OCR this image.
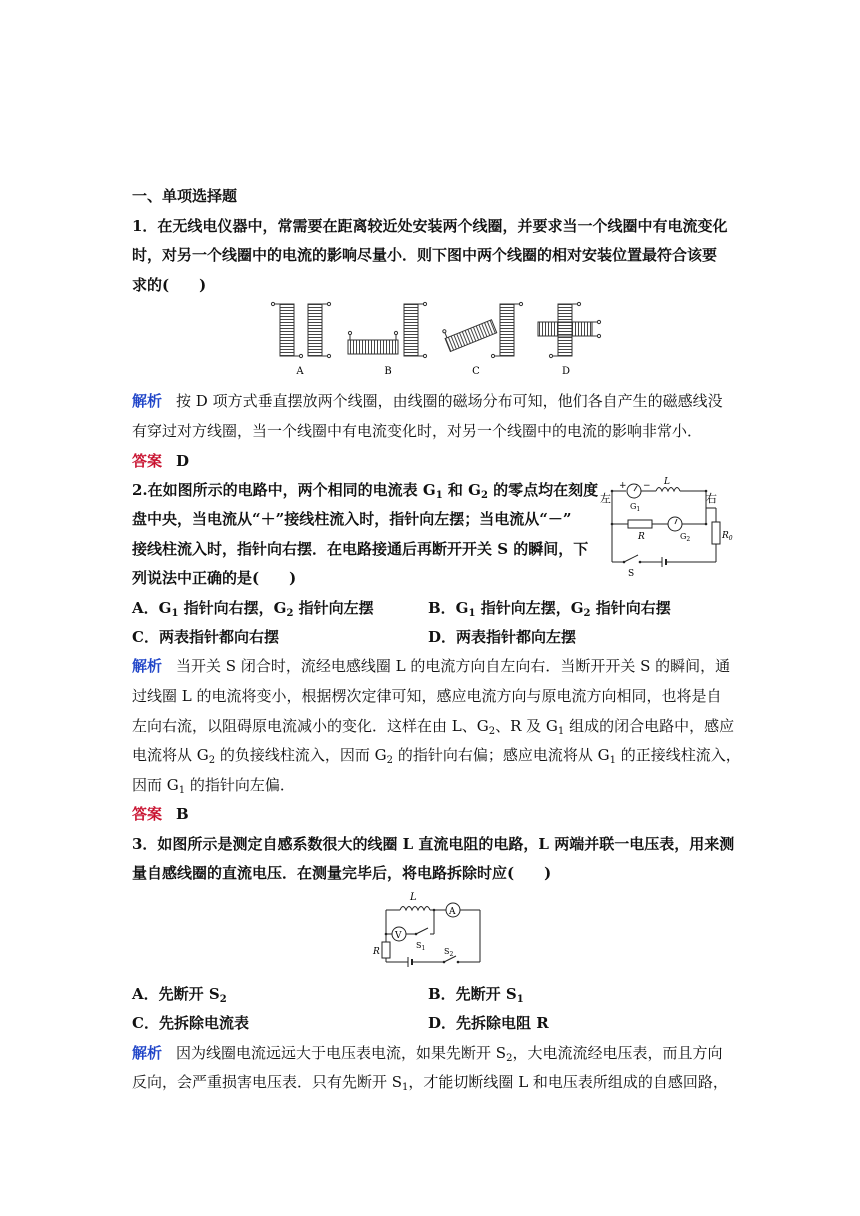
一、单项选择题
1．在无线电仪器中，常需要在距离较近处安装两个线圈，并要求当一个线圈中有电流变化
时，对另一个线圈中的电流的影响尽量小．则下图中两个线圈的相对安装位置最符合该要
求的(　　)
A	B	C	D
解析 按 D 项方式垂直摆放两个线圈，由线圈的磁场分布可知，他们各自产生的磁感线没
有穿过对方线圈，当一个线圈中有电流变化时，对另一个线圈中的电流的影响非常小．
答案 D
2.在如图所示的电路中，两个相同的电流表 $G_1$ 和 $G_2$ 的零点均在刻度
盘中央，当电流从“＋”接线柱流入时，指针向左摆；当电流从“－”
接线柱流入时，指针向右摆．在电路接通后再断开开关 S 的瞬间，下
列说法中正确的是(　　)
左	右
+ − L
$G_1$
R	$G_2$	$R_0$
S
A．$G_1$ 指针向右摆，$G_2$ 指针向左摆	B．$G_1$ 指针向左摆，$G_2$ 指针向右摆
C．两表指针都向右摆	D．两表指针都向左摆
解析 当开关 S 闭合时，流经电感线圈 L 的电流方向自左向右．当断开开关 S 的瞬间，通
过线圈 L 的电流将变小，根据楞次定律可知，感应电流方向与原电流方向相同，也将是自
左向右流，以阻碍原电流减小的变化．这样在由 L、$G_2$、R 及 $G_1$ 组成的闭合电路中，感应
电流将从 $G_2$ 的负接线柱流入，因而 $G_2$ 的指针向右偏；感应电流将从 $G_1$ 的正接线柱流入，
因而 $G_1$ 的指针向左偏．
答案 B
3．如图所示是测定自感系数很大的线圈 L 直流电阻的电路，L 两端并联一电压表，用来测
量自感线圈的直流电压．在测量完毕后，将电路拆除时应(　　)
L
A
V
$S_1$
R	$S_2$
A．先断开 $S_2$	B．先断开 $S_1$
C．先拆除电流表	D．先拆除电阻 R
解析 因为线圈电流远远大于电压表电流，如果先断开 $S_2$，大电流流经电压表，而且方向
反向，会严重损害电压表．只有先断开 $S_1$，才能切断线圈 L 和电压表所组成的自感回路，
